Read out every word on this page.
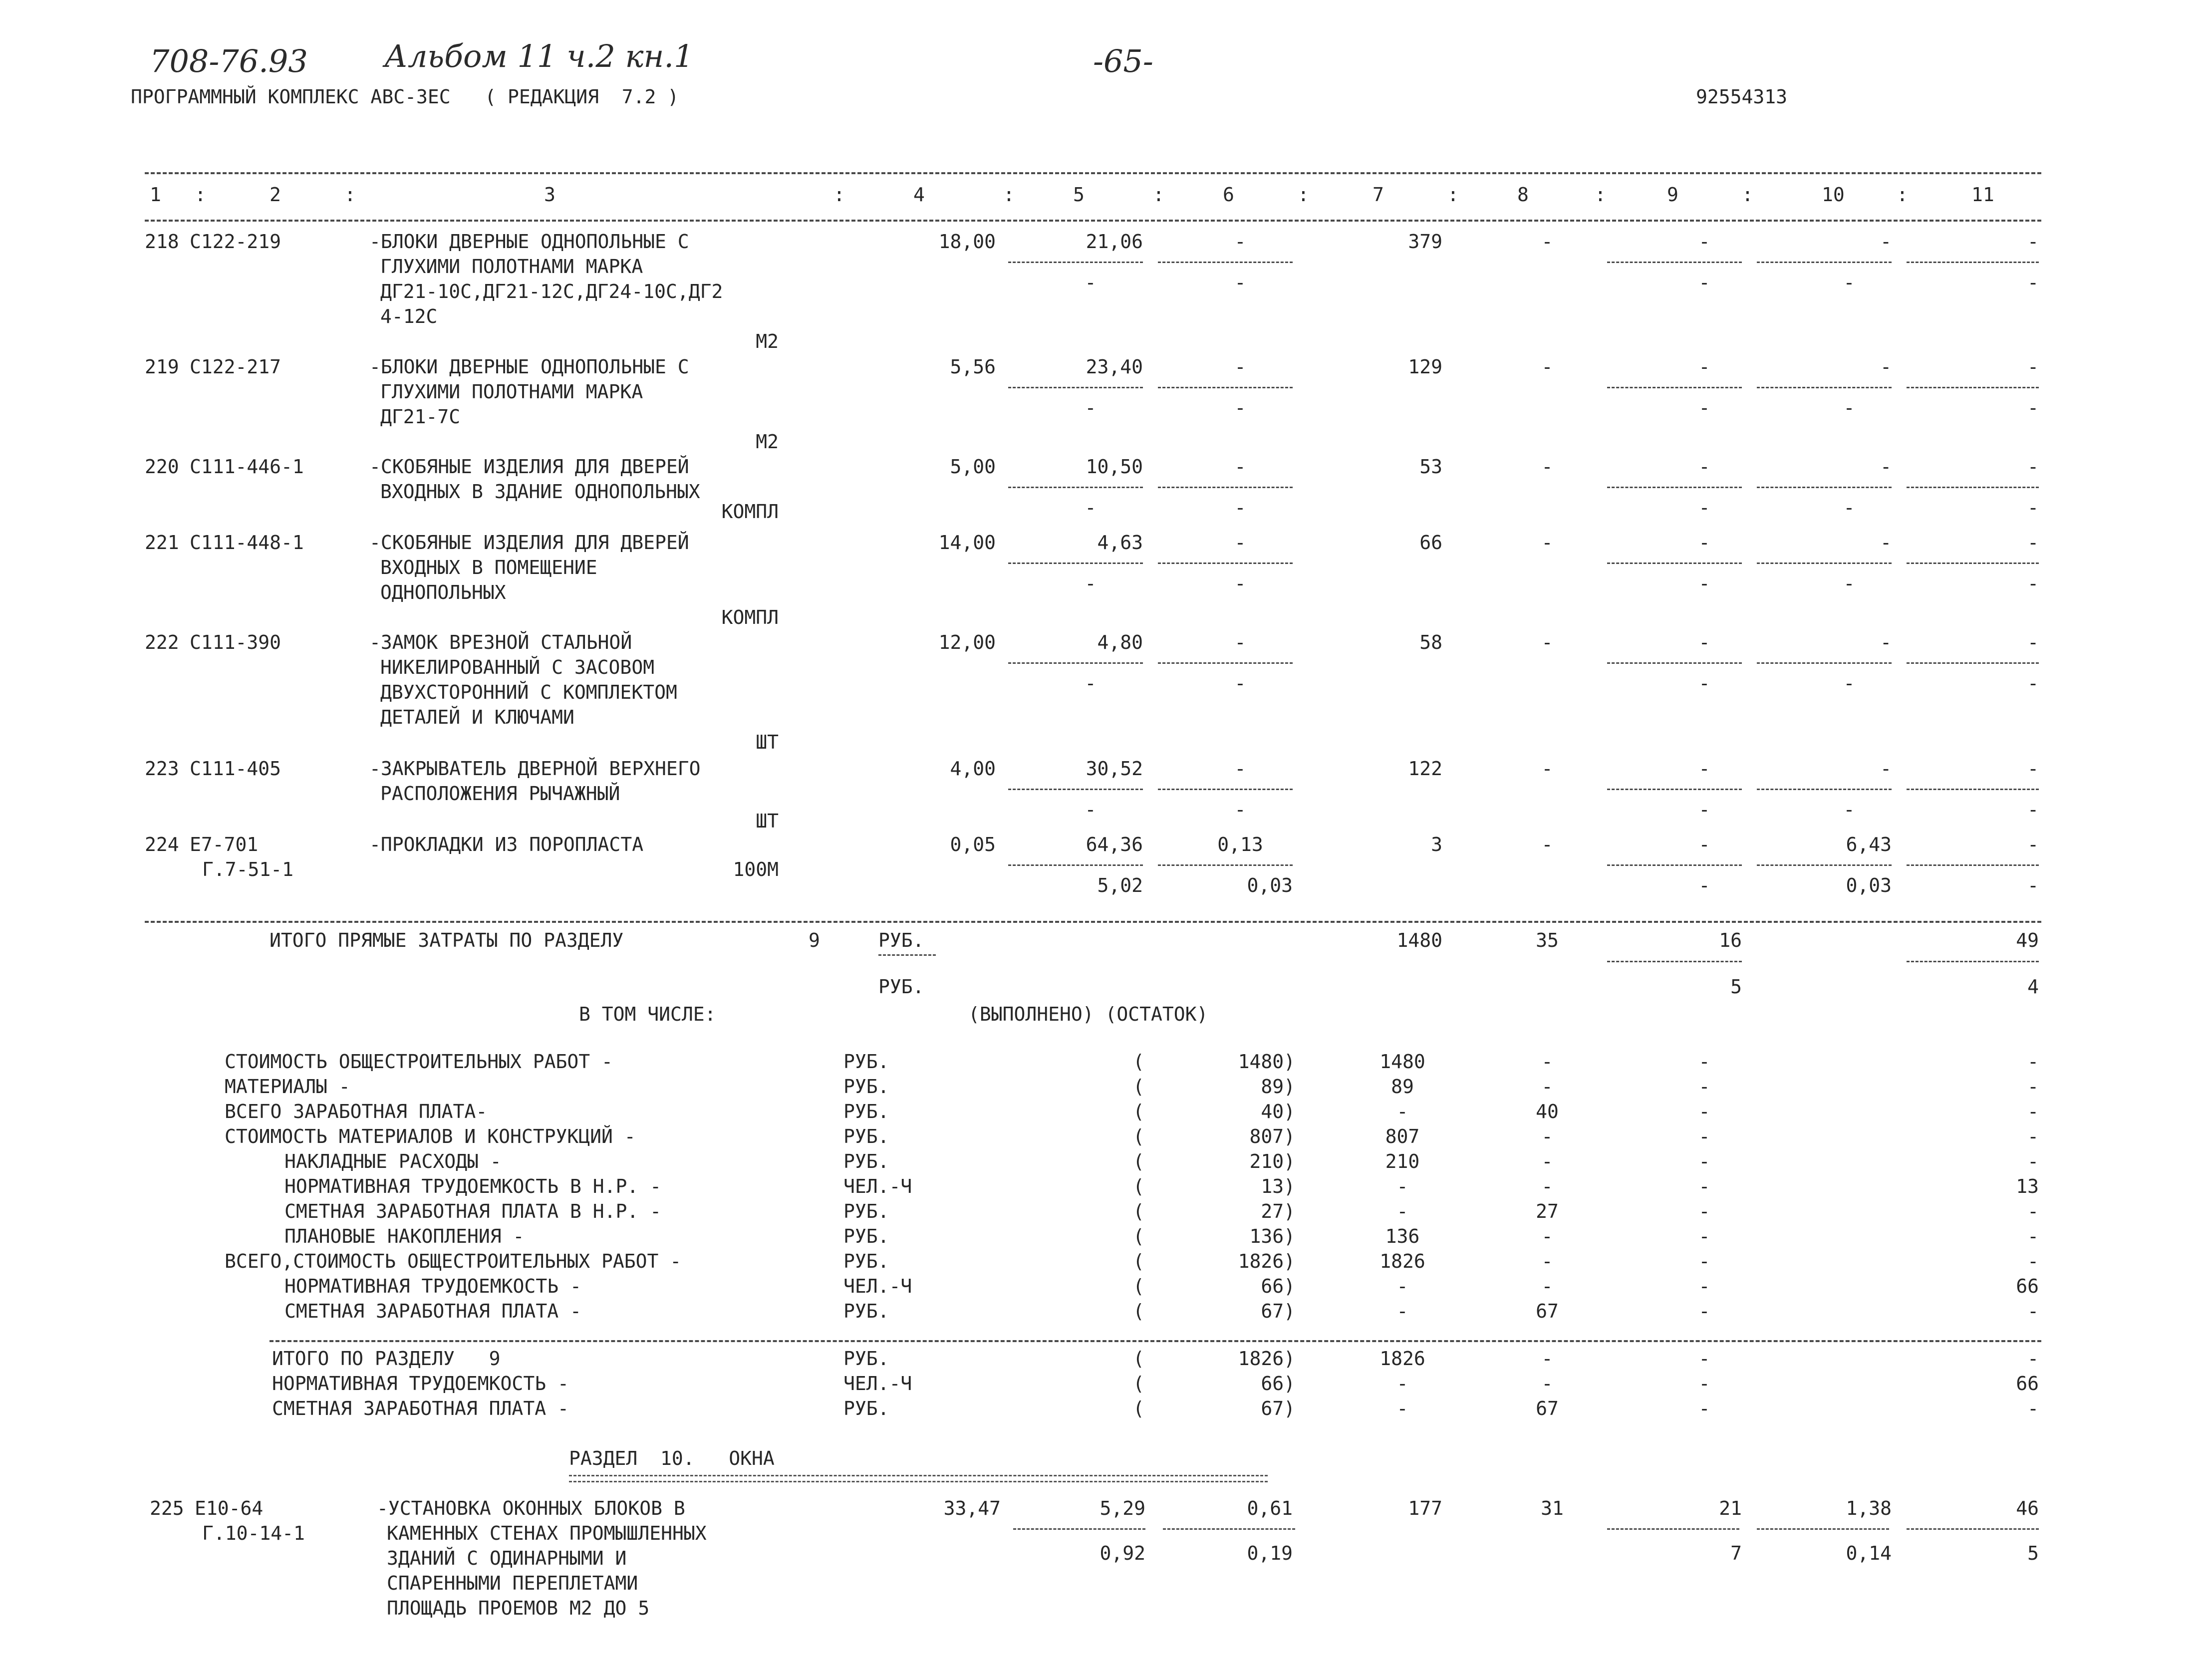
708-76.93 Альбом 11 ч.2 кн.1	-65-
ПРОГРАММНЫЙ КОМПЛЕКС АВС-3ЕС   ( РЕДАКЦИЯ  7.2 )	92554313
1	2	3	4	5	6	7	8	9	10	11
:	:	:	:	:	:	:	:	:	:
218 C122-219	-БЛОКИ ДВЕРНЫЕ ОДНОПОЛЬНЫЕ С
ГЛУХИМИ ПОЛОТНАМИ МАРКА
ДГ21-10С,ДГ21-12С,ДГ24-10С,ДГ2
4-12С
М2
18,00	21,06	-	379	-	-	-	-
-	-	-	-	-
219 C122-217	-БЛОКИ ДВЕРНЫЕ ОДНОПОЛЬНЫЕ С
ГЛУХИМИ ПОЛОТНАМИ МАРКА
ДГ21-7С
М2
5,56	23,40	-	129	-	-	-	-
-	-	-	-	-
220 C111-446-1	-СКОБЯНЫЕ ИЗДЕЛИЯ ДЛЯ ДВЕРЕЙ
ВХОДНЫХ В ЗДАНИЕ ОДНОПОЛЬНЫХ
КОМПЛ
5,00	10,50	-	53	-	-	-	-
-	-	-	-	-
221 C111-448-1	-СКОБЯНЫЕ ИЗДЕЛИЯ ДЛЯ ДВЕРЕЙ
ВХОДНЫХ В ПОМЕЩЕНИЕ
ОДНОПОЛЬНЫХ
КОМПЛ
14,00	4,63	-	66	-	-	-	-
-	-	-	-	-
222 C111-390	-ЗАМОК ВРЕЗНОЙ СТАЛЬНОЙ
НИКЕЛИРОВАННЫЙ С ЗАСОВОМ
ДВУХСТОРОННИЙ С КОМПЛЕКТОМ
ДЕТАЛЕЙ И КЛЮЧАМИ
ШТ
12,00	4,80	-	58	-	-	-	-
-	-	-	-	-
223 C111-405	-ЗАКРЫВАТЕЛЬ ДВЕРНОЙ ВЕРХНЕГО
РАСПОЛОЖЕНИЯ РЫЧАЖНЫЙ
ШТ
4,00	30,52	-	122	-	-	-	-
-	-	-	-	-
224 E7-701
Г.7-51-1
-ПРОКЛАДКИ ИЗ ПОРОПЛАСТА
100М
0,05	64,36	0,13	3	-	-	6,43	-
5,02	0,03	-	0,03	-
ИТОГО ПРЯМЫЕ ЗАТРАТЫ ПО РАЗДЕЛУ	9	РУБ.
РУБ.
1480	35	16	49
5	4
В ТОМ ЧИСЛЕ:	(ВЫПОЛНЕНО) (ОСТАТОК)
СТОИМОСТЬ ОБЩЕСТРОИТЕЛЬНЫХ РАБОТ -	РУБ.	(	1480)	1480	-	-	-
МАТЕРИАЛЫ -	РУБ.	(	89)	89	-	-	-
ВСЕГО ЗАРАБОТНАЯ ПЛАТА-	РУБ.	(	40)	-	40	-	-
СТОИМОСТЬ МАТЕРИАЛОВ И КОНСТРУКЦИЙ -	РУБ.	(	807)	807	-	-	-
НАКЛАДНЫЕ РАСХОДЫ -	РУБ.	(	210)	210	-	-	-
НОРМАТИВНАЯ ТРУДОЕМКОСТЬ В Н.Р. -	ЧЕЛ.-Ч	(	13)	-	-	-	13
СМЕТНАЯ ЗАРАБОТНАЯ ПЛАТА В Н.Р. -	РУБ.	(	27)	-	27	-	-
ПЛАНОВЫЕ НАКОПЛЕНИЯ -	РУБ.	(	136)	136	-	-	-
ВСЕГО,СТОИМОСТЬ ОБЩЕСТРОИТЕЛЬНЫХ РАБОТ -	РУБ.	(	1826)	1826	-	-	-
НОРМАТИВНАЯ ТРУДОЕМКОСТЬ -	ЧЕЛ.-Ч	(	66)	-	-	-	66
СМЕТНАЯ ЗАРАБОТНАЯ ПЛАТА -	РУБ.	(	67)	-	67	-	-
ИТОГО ПО РАЗДЕЛУ   9	РУБ.	(	1826)	1826	-	-	-
НОРМАТИВНАЯ ТРУДОЕМКОСТЬ -	ЧЕЛ.-Ч	(	66)	-	-	-	66
СМЕТНАЯ ЗАРАБОТНАЯ ПЛАТА -	РУБ.	(	67)	-	67	-	-
РАЗДЕЛ  10.   ОКНА
225 E10-64
Г.10-14-1
-УСТАНОВКА ОКОННЫХ БЛОКОВ В
КАМЕННЫХ СТЕНАХ ПРОМЫШЛЕННЫХ
ЗДАНИЙ С ОДИНАРНЫМИ И
СПАРЕННЫМИ ПЕРЕПЛЕТАМИ
ПЛОЩАДЬ ПРОЕМОВ М2 ДО 5
33,47	5,29	0,61	177	31	21	1,38	46
0,92	0,19	7	0,14	5
